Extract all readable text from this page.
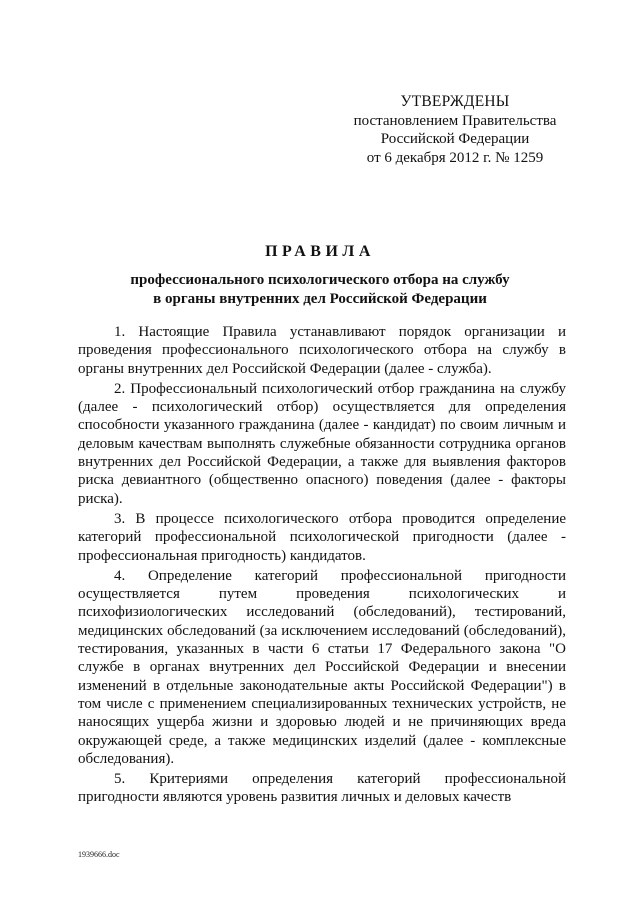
УТВЕРЖДЕНЫ
постановлением Правительства
Российской Федерации
от 6 декабря 2012 г. № 1259
ПРАВИЛА
профессионального психологического отбора на службу
в органы внутренних дел Российской Федерации

1. Настоящие Правила устанавливают порядок организации и проведения профессионального психологического отбора на службу в органы внутренних дел Российской Федерации (далее - служба).

2. Профессиональный психологический отбор гражданина на службу (далее - психологический отбор) осуществляется для определения способности указанного гражданина (далее - кандидат) по своим личным и деловым качествам выполнять служебные обязанности сотрудника органов внутренних дел Российской Федерации, а также для выявления факторов риска девиантного (общественно опасного) поведения (далее - факторы риска).

3. В процессе психологического отбора проводится определение категорий профессиональной психологической пригодности (далее - профессиональная пригодность) кандидатов.

4. Определение категорий профессиональной пригодности осуществляется путем проведения психологических и психофизиологических исследований (обследований), тестирований, медицинских обследований (за исключением исследований (обследований), тестирования, указанных в части 6 статьи 17 Федерального закона "О службе в органах внутренних дел Российской Федерации и внесении изменений в отдельные законодательные акты Российской Федерации") в том числе с применением специализированных технических устройств, не наносящих ущерба жизни и здоровью людей и не причиняющих вреда окружающей среде, а также медицинских изделий (далее - комплексные обследования).

5. Критериями определения категорий профессиональной пригодности являются уровень развития личных и деловых качеств

1939666.doc
